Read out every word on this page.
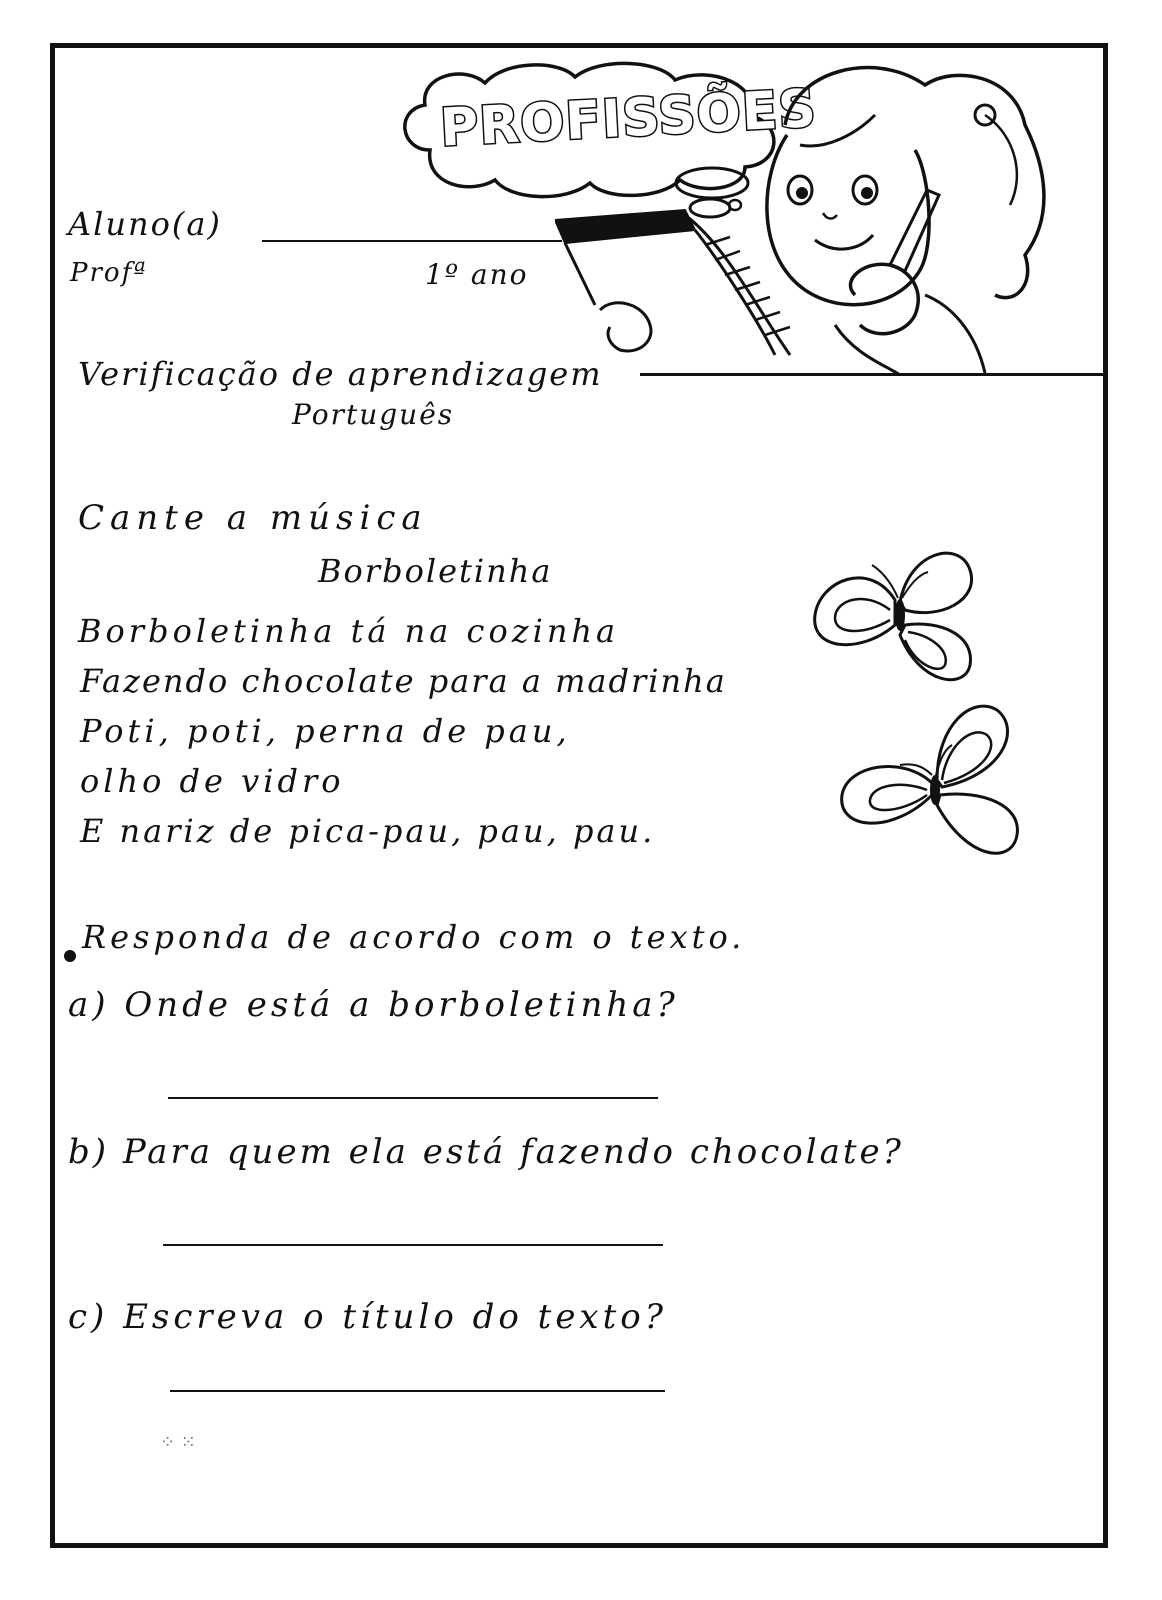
PROFISSÕES
Aluno(a)
Profª	1º ano
Verificação de aprendizagem
Português
Cante a música
Borboletinha
Borboletinha tá na cozinha
Fazendo chocolate para a madrinha
Poti, poti, perna de pau,
olho de vidro
E nariz de pica-pau, pau, pau.
Responda de acordo com o texto.
a) Onde está a borboletinha?
b) Para quem ela está fazendo chocolate?
c) Escreva o título do texto?
⁘ ⁙
